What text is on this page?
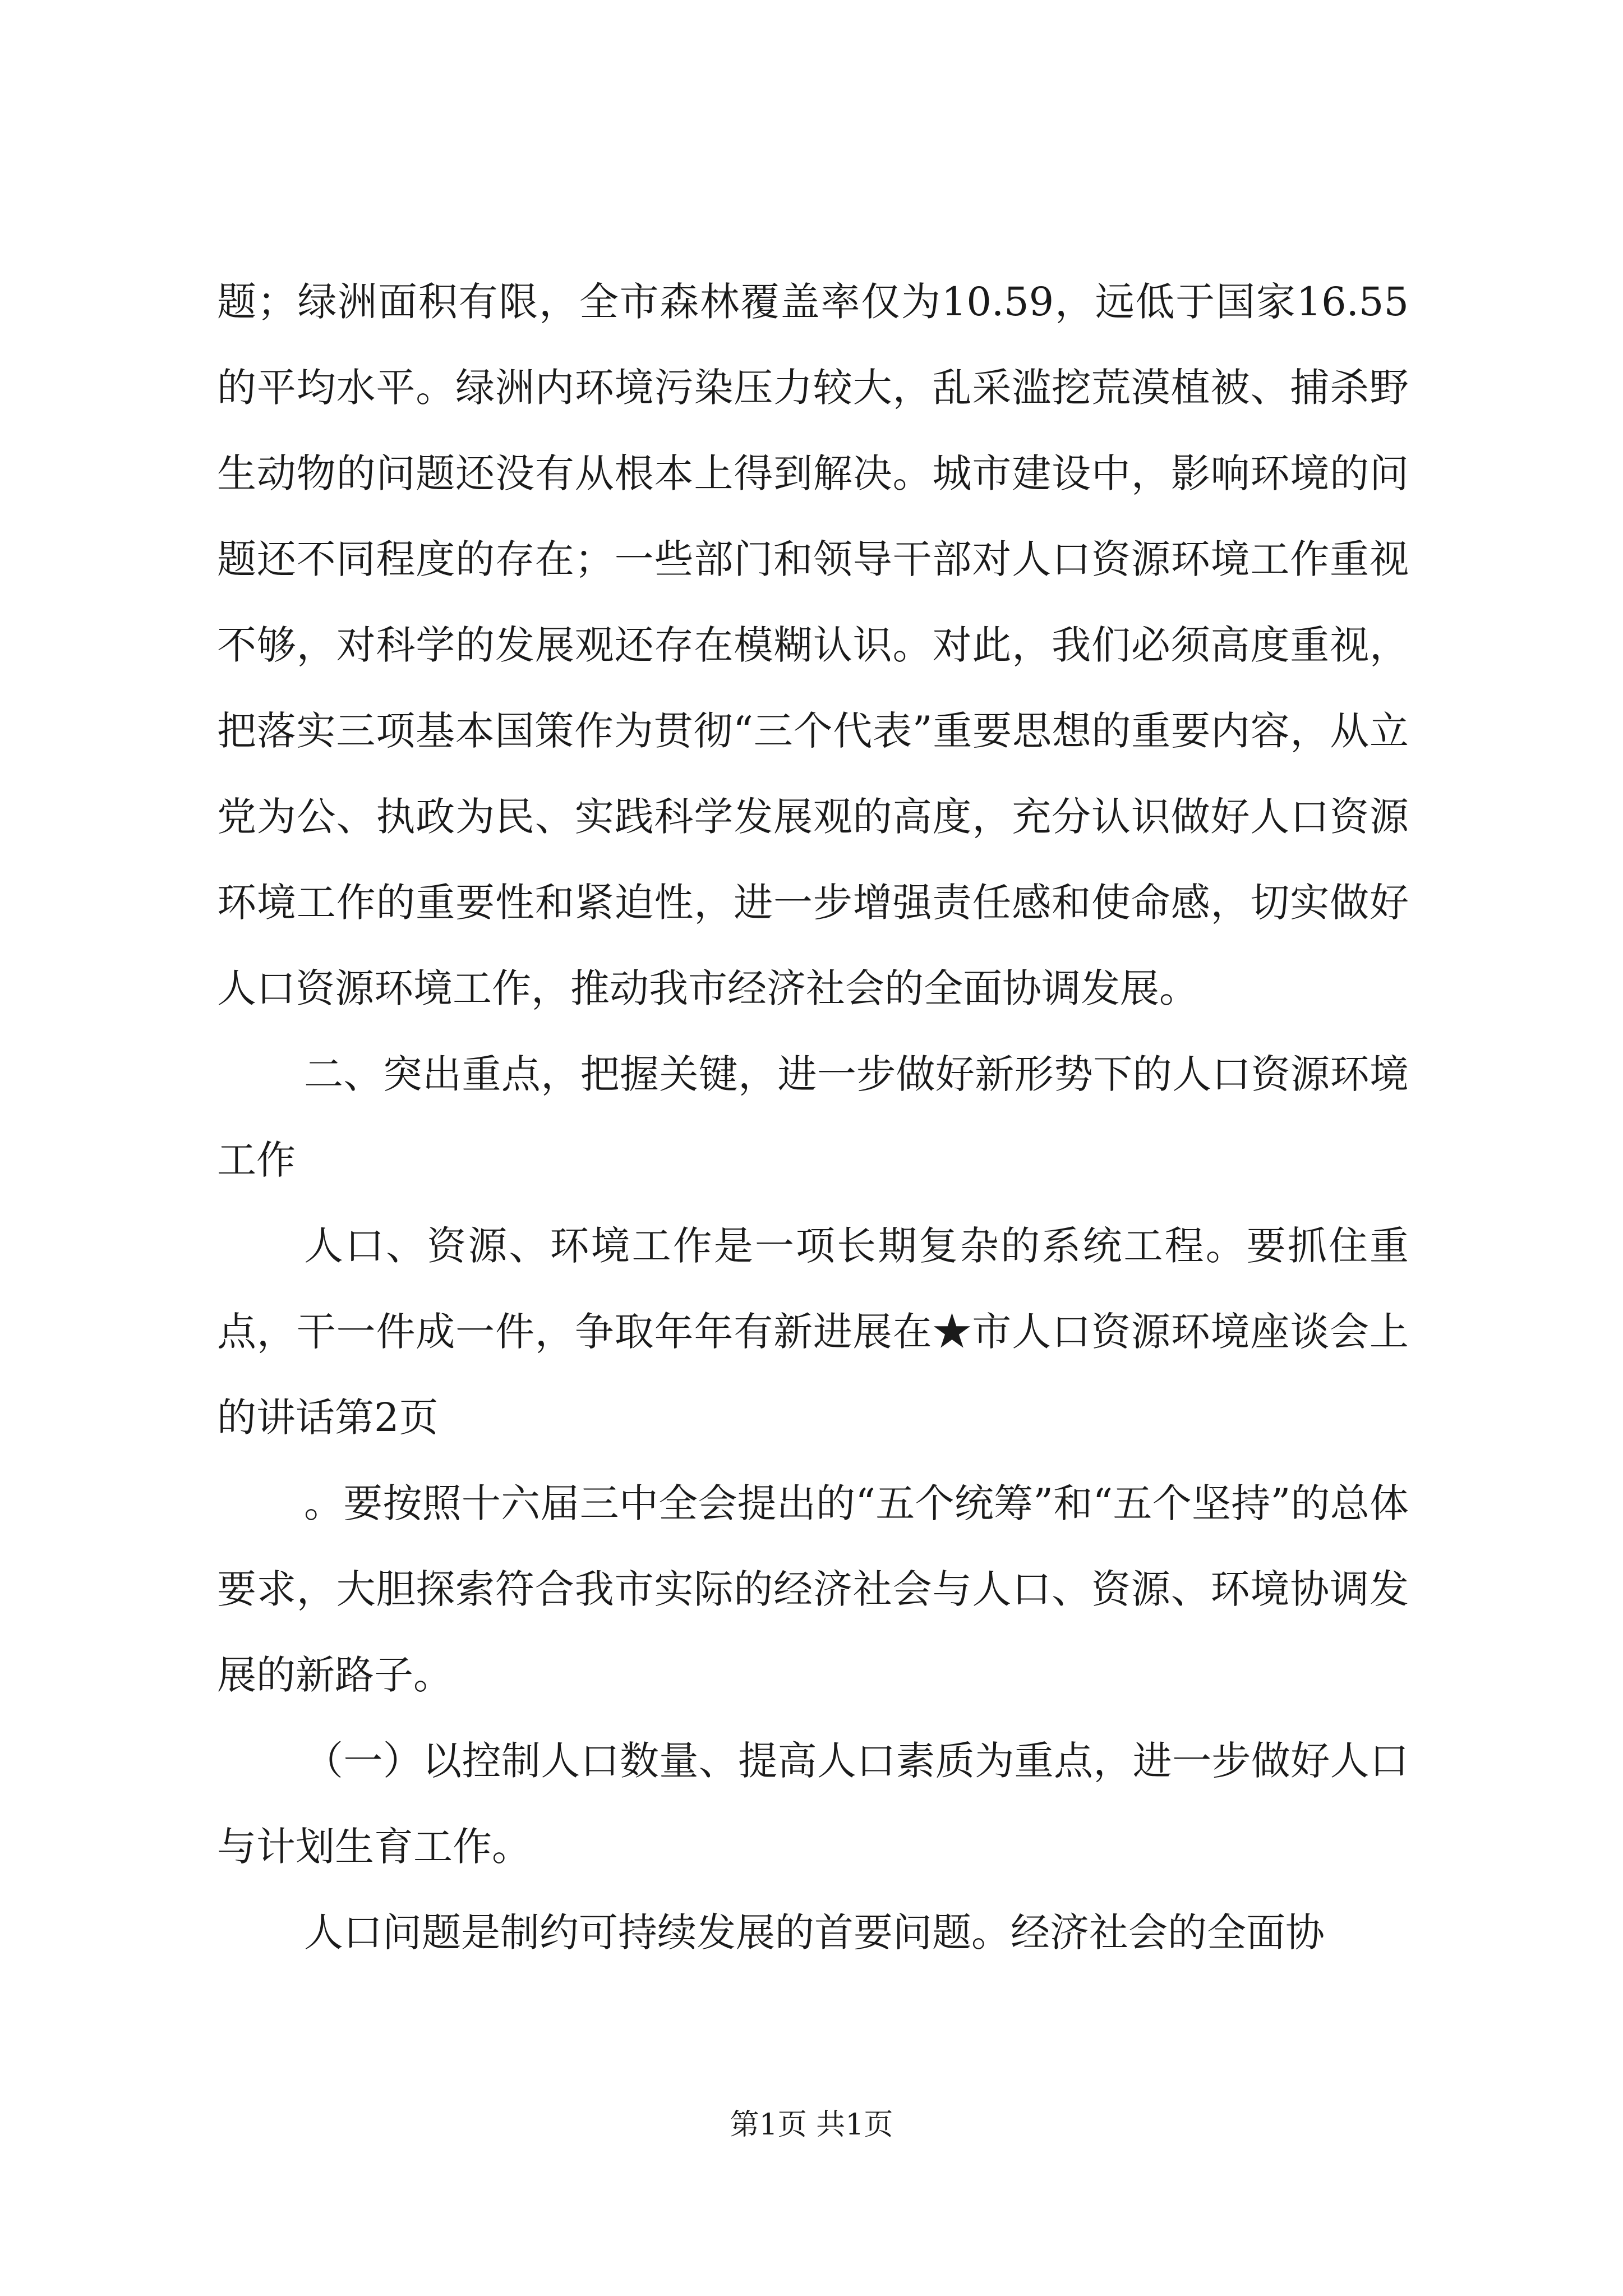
题；绿洲面积有限，全市森林覆盖率仅为10.59，远低于国家16.55的平均水平。绿洲内环境污染压力较大，乱采滥挖荒漠植被、捕杀野生动物的问题还没有从根本上得到解决。城市建设中，影响环境的问题还不同程度的存在；一些部门和领导干部对人口资源环境工作重视不够，对科学的发展观还存在模糊认识。对此，我们必须高度重视，把落实三项基本国策作为贯彻“三个代表”重要思想的重要内容，从立党为公、执政为民、实践科学发展观的高度，充分认识做好人口资源环境工作的重要性和紧迫性，进一步增强责任感和使命感，切实做好人口资源环境工作，推动我市经济社会的全面协调发展。

二、突出重点，把握关键，进一步做好新形势下的人口资源环境工作

人口、资源、环境工作是一项长期复杂的系统工程。要抓住重点，干一件成一件，争取年年有新进展在★市人口资源环境座谈会上的讲话第2页

。要按照十六届三中全会提出的“五个统筹”和“五个坚持”的总体要求，大胆探索符合我市实际的经济社会与人口、资源、环境协调发展的新路子。

（一）以控制人口数量、提高人口素质为重点，进一步做好人口与计划生育工作。

人口问题是制约可持续发展的首要问题。经济社会的全面协

第1页 共1页
